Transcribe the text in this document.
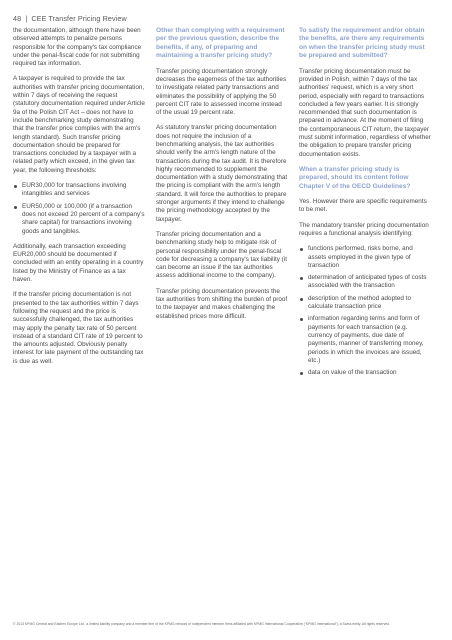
48 | CEE Transfer Pricing Review

the documentation, although there have been observed attempts to penalize persons responsible for the company's tax compliance under the penal-fiscal code for not submitting required tax information.

A taxpayer is required to provide the tax authorities with transfer pricing documentation, within 7 days of receiving the request (statutory documentation required under Article 9a of the Polish CIT Act – does not have to include benchmarking study demonstrating that the transfer price complies with the arm's length standard). Such transfer pricing documentation should be prepared for transactions concluded by a taxpayer with a related party which exceed, in the given tax year, the following thresholds:

EUR30,000 for transactions involving intangibles and services
EUR50,000 or 100,000 (if a transaction does not exceed 20 percent of a company's share capital) for transactions involving goods and tangibles.

Additionally, each transaction exceeding EUR20,000 should be documented if concluded with an entity operating in a country listed by the Ministry of Finance as a tax haven.

If the transfer pricing documentation is not presented to the tax authorities within 7 days following the request and the price is successfully challenged, the tax authorities may apply the penalty tax rate of 50 percent instead of a standard CIT rate of 19 percent to the amounts adjusted. Obviously penalty interest for late payment of the outstanding tax is due as well.

Other than complying with a requirement per the previous question, describe the benefits, if any, of preparing and maintaining a transfer pricing study?

Transfer pricing documentation strongly decreases the eagerness of the tax authorities to investigate related party transactions and eliminates the possibility of applying the 50 percent CIT rate to assessed income instead of the usual 19 percent rate.

As statutory transfer pricing documentation does not require the inclusion of a benchmarking analysis, the tax authorities should verify the arm's length nature of the transactions during the tax audit. It is therefore highly recommended to supplement the documentation with a study demonstrating that the pricing is compliant with the arm's length standard. It will force the authorities to prepare stronger arguments if they intend to challenge the pricing methodology accepted by the taxpayer.

Transfer pricing documentation and a benchmarking study help to mitigate risk of personal responsibility under the penal-fiscal code for decreasing a company's tax liability (it can become an issue if the tax authorities assess additional income to the company).

Transfer pricing documentation prevents the tax authorities from shifting the burden of proof to the taxpayer and makes challenging the established prices more difficult.

To satisfy the requirement and/or obtain the benefits, are there any requirements on when the transfer pricing study must be prepared and submitted?

Transfer pricing documentation must be provided in Polish, within 7 days of the tax authorities' request, which is a very short period, especially with regard to transactions concluded a few years earlier. It is strongly recommended that such documentation is prepared in advance. At the moment of filing the contemporaneous CIT return, the taxpayer must submit information, regardless of whether the obligation to prepare transfer pricing documentation exists.

When a transfer pricing study is prepared, should its content follow Chapter V of the OECD Guidelines?

Yes. However there are specific requirements to be met.

The mandatory transfer pricing documentation requires a functional analysis identifying:

functions performed, risks borne, and assets employed in the given type of transaction
determination of anticipated types of costs associated with the transaction
description of the method adopted to calculate transaction price
information regarding terms and form of payments for each transaction (e.g. currency of payments, due date of payments, manner of transferring money, periods in which the invoices are issued, etc.)
data on value of the transaction
© 2013 KPMG Central and Eastern Europe Ltd., a limited liability company and a member firm of the KPMG network of independent member firms affiliated with KPMG International Cooperative ("KPMG International"), a Swiss entity. All rights reserved.
